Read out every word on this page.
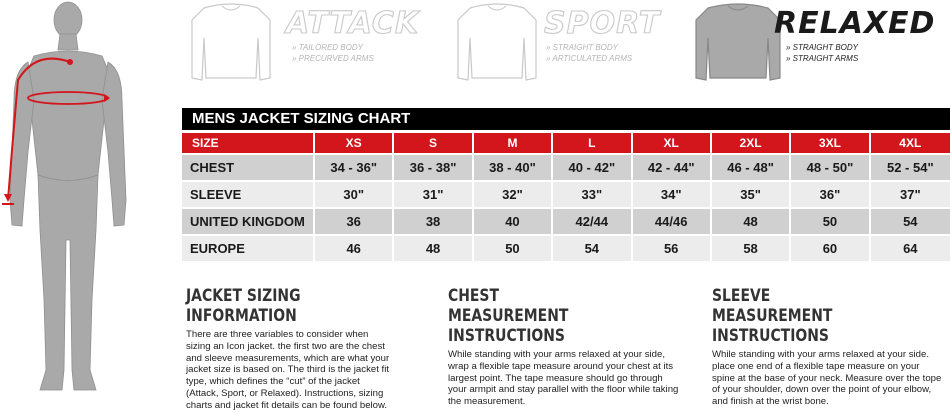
ATTACK
» TAILORED BODY
» PRECURVED ARMS
SPORT
» STRAIGHT BODY
» ARTICULATED ARMS
RELAXED
» STRAIGHT BODY
» STRAIGHT ARMS
MENS JACKET SIZING CHART
SIZE	XS	S	M	L	XL	2XL	3XL	4XL
CHEST	34 - 36"	36 - 38"	38 - 40"	40 - 42"	42 - 44"	46 - 48"	48 - 50"	52 - 54"
SLEEVE	30"	31"	32"	33"	34"	35"	36"	37"
UNITED KINGDOM	36	38	40	42/44	44/46	48	50	54
EUROPE	46	48	50	54	56	58	60	64
JACKET SIZING INFORMATION
There are three variables to consider when sizing an Icon jacket. the first two are the chest and sleeve measurements, which are what your jacket size is based on. The third is the jacket fit type, which defines the “cut” of the jacket (Attack, Sport, or Relaxed). Instructions, sizing charts and jacket fit details can be found below.
CHEST MEASUREMENT INSTRUCTIONS
While standing with your arms relaxed at your side, wrap a flexible tape measure around your chest at its largest point. The tape measure should go through your armpit and stay parallel with the floor while taking the measurement.
SLEEVE MEASUREMENT INSTRUCTIONS
While standing with your arms relaxed at your side. place one end of a flexible tape measure on your spine at the base of your neck. Measure over the tope of your shoulder, down over the point of your elbow, and finish at the wrist bone.
